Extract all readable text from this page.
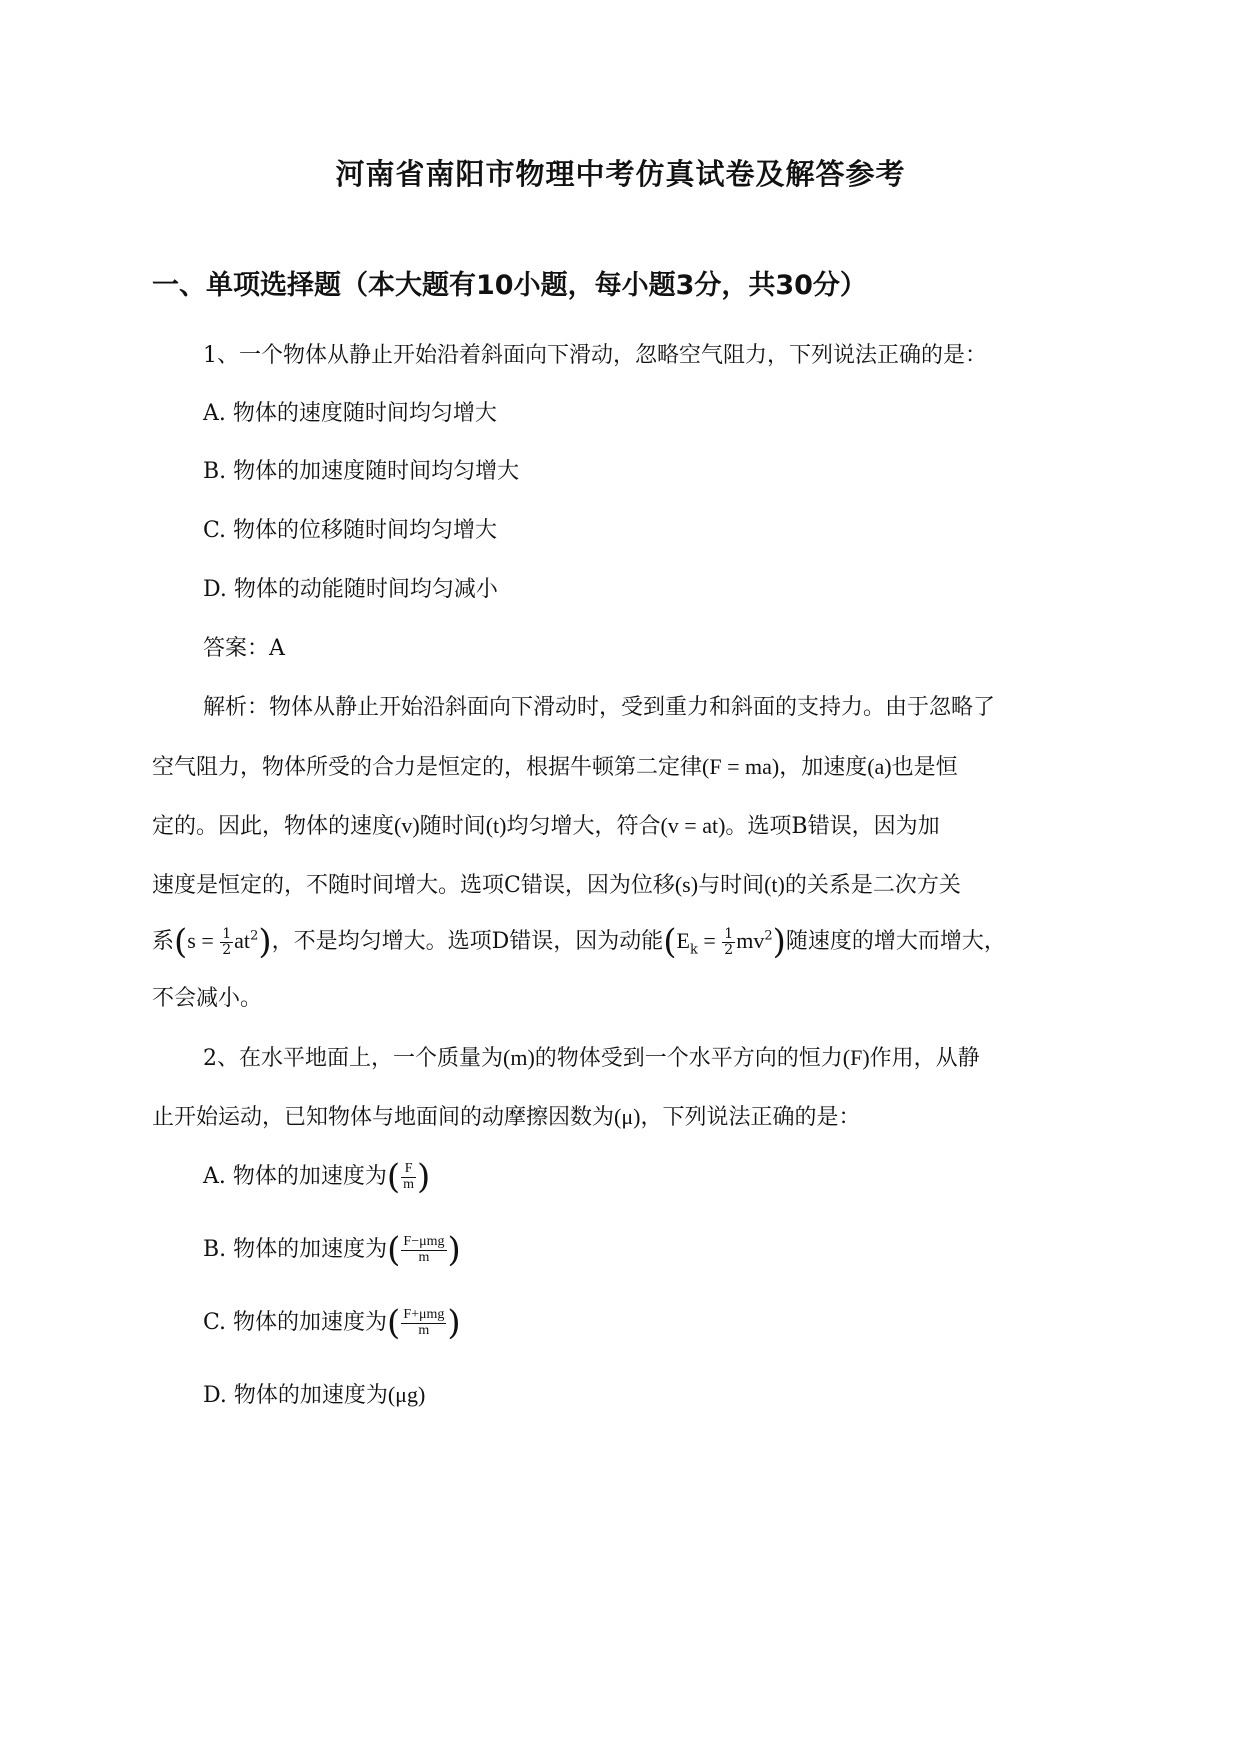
河南省南阳市物理中考仿真试卷及解答参考
一、单项选择题（本大题有10小题，每小题3分，共30分）
1、一个物体从静止开始沿着斜面向下滑动，忽略空气阻力，下列说法正确的是：
A. 物体的速度随时间均匀增大
B. 物体的加速度随时间均匀增大
C. 物体的位移随时间均匀增大
D. 物体的动能随时间均匀减小
答案：A
解析：物体从静止开始沿斜面向下滑动时，受到重力和斜面的支持力。由于忽略了
空气阻力，物体所受的合力是恒定的，根据牛顿第二定律(F = ma)，加速度(a)也是恒
定的。因此，物体的速度(v)随时间(t)均匀增大，符合(v = at)。选项B错误，因为加
速度是恒定的，不随时间增大。选项C错误，因为位移(s)与时间(t)的关系是二次方关
系$(s = \frac{1}{2} at^2)$，不是均匀增大。选项D错误，因为动能$(E_k = \frac{1}{2} mv^2)$随速度的增大而增大，
不会减小。
2、在水平地面上，一个质量为(m)的物体受到一个水平方向的恒力(F)作用，从静
止开始运动，已知物体与地面间的动摩擦因数为(μ)，下列说法正确的是：
A. 物体的加速度为( $\frac{F}{m}$ )
B. 物体的加速度为( $\frac{\text{F−μmg}}{m}$ )
C. 物体的加速度为( $\frac{\text{F+μmg}}{m}$ )
D. 物体的加速度为(μg)
